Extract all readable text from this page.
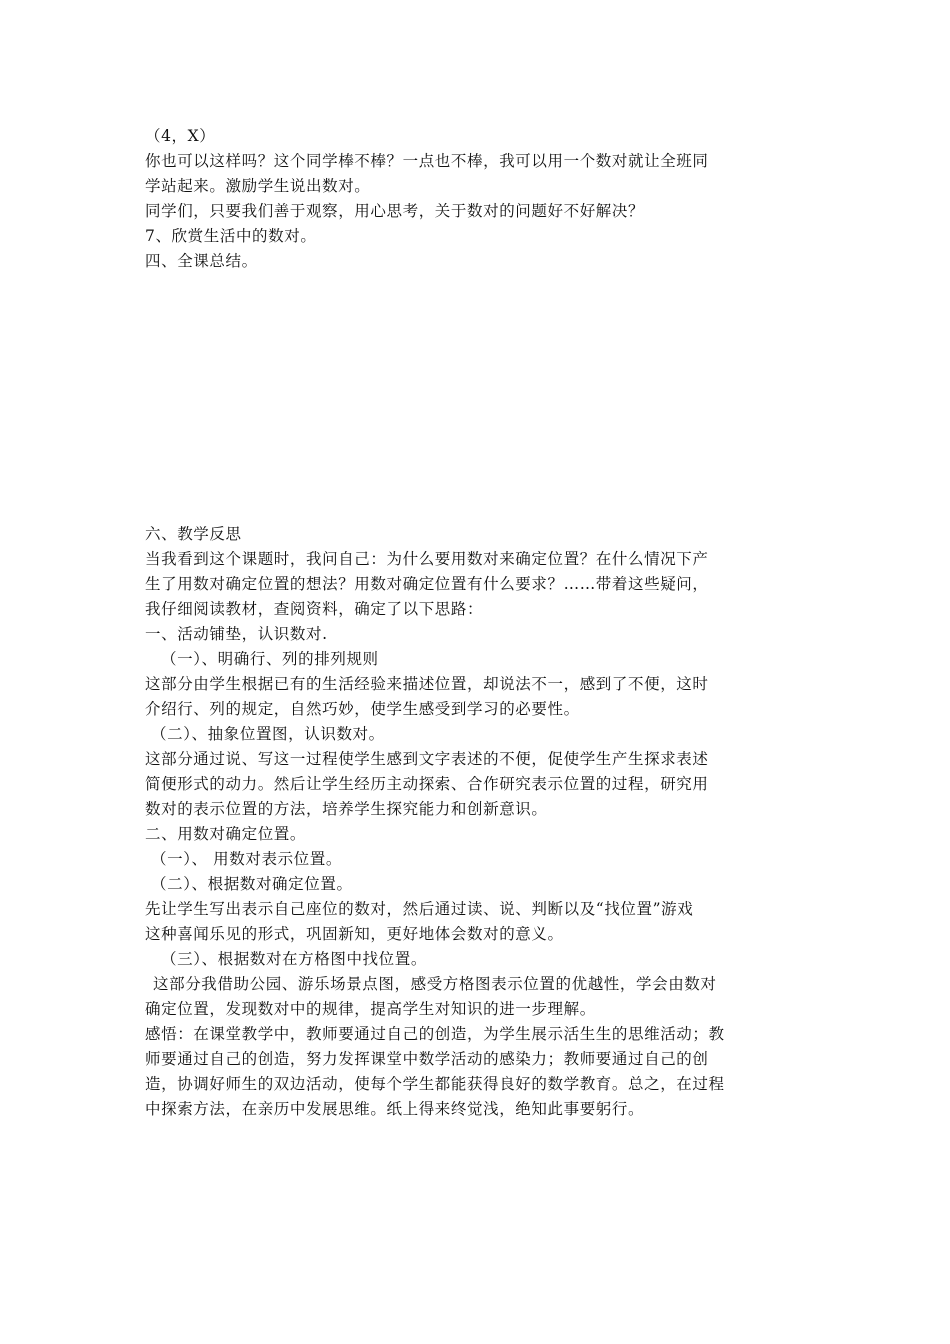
（4，X）
你也可以这样吗？这个同学棒不棒？一点也不棒，我可以用一个数对就让全班同
学站起来。激励学生说出数对。
同学们，只要我们善于观察，用心思考，关于数对的问题好不好解决？
7、欣赏生活中的数对。
四、全课总结。
六、教学反思
当我看到这个课题时，我问自己：为什么要用数对来确定位置？在什么情况下产
生了用数对确定位置的想法？用数对确定位置有什么要求？……带着这些疑问，
我仔细阅读教材，查阅资料，确定了以下思路：
一、活动铺垫，认识数对.
（一）、明确行、列的排列规则
这部分由学生根据已有的生活经验来描述位置，却说法不一，感到了不便，这时
介绍行、列的规定，自然巧妙，使学生感受到学习的必要性。
（二）、抽象位置图，认识数对。
这部分通过说、写这一过程使学生感到文字表述的不便，促使学生产生探求表述
简便形式的动力。然后让学生经历主动探索、合作研究表示位置的过程，研究用
数对的表示位置的方法，培养学生探究能力和创新意识。
二、用数对确定位置。
（一）、 用数对表示位置。
（二）、根据数对确定位置。
先让学生写出表示自己座位的数对，然后通过读、说、判断以及“找位置”游戏
这种喜闻乐见的形式，巩固新知，更好地体会数对的意义。
（三）、根据数对在方格图中找位置。
这部分我借助公园、游乐场景点图，感受方格图表示位置的优越性，学会由数对
确定位置，发现数对中的规律，提高学生对知识的进一步理解。
感悟：在课堂教学中，教师要通过自己的创造，为学生展示活生生的思维活动；教
师要通过自己的创造，努力发挥课堂中数学活动的感染力；教师要通过自己的创
造，协调好师生的双边活动，使每个学生都能获得良好的数学教育。总之，在过程
中探索方法，在亲历中发展思维。纸上得来终觉浅，绝知此事要躬行。
